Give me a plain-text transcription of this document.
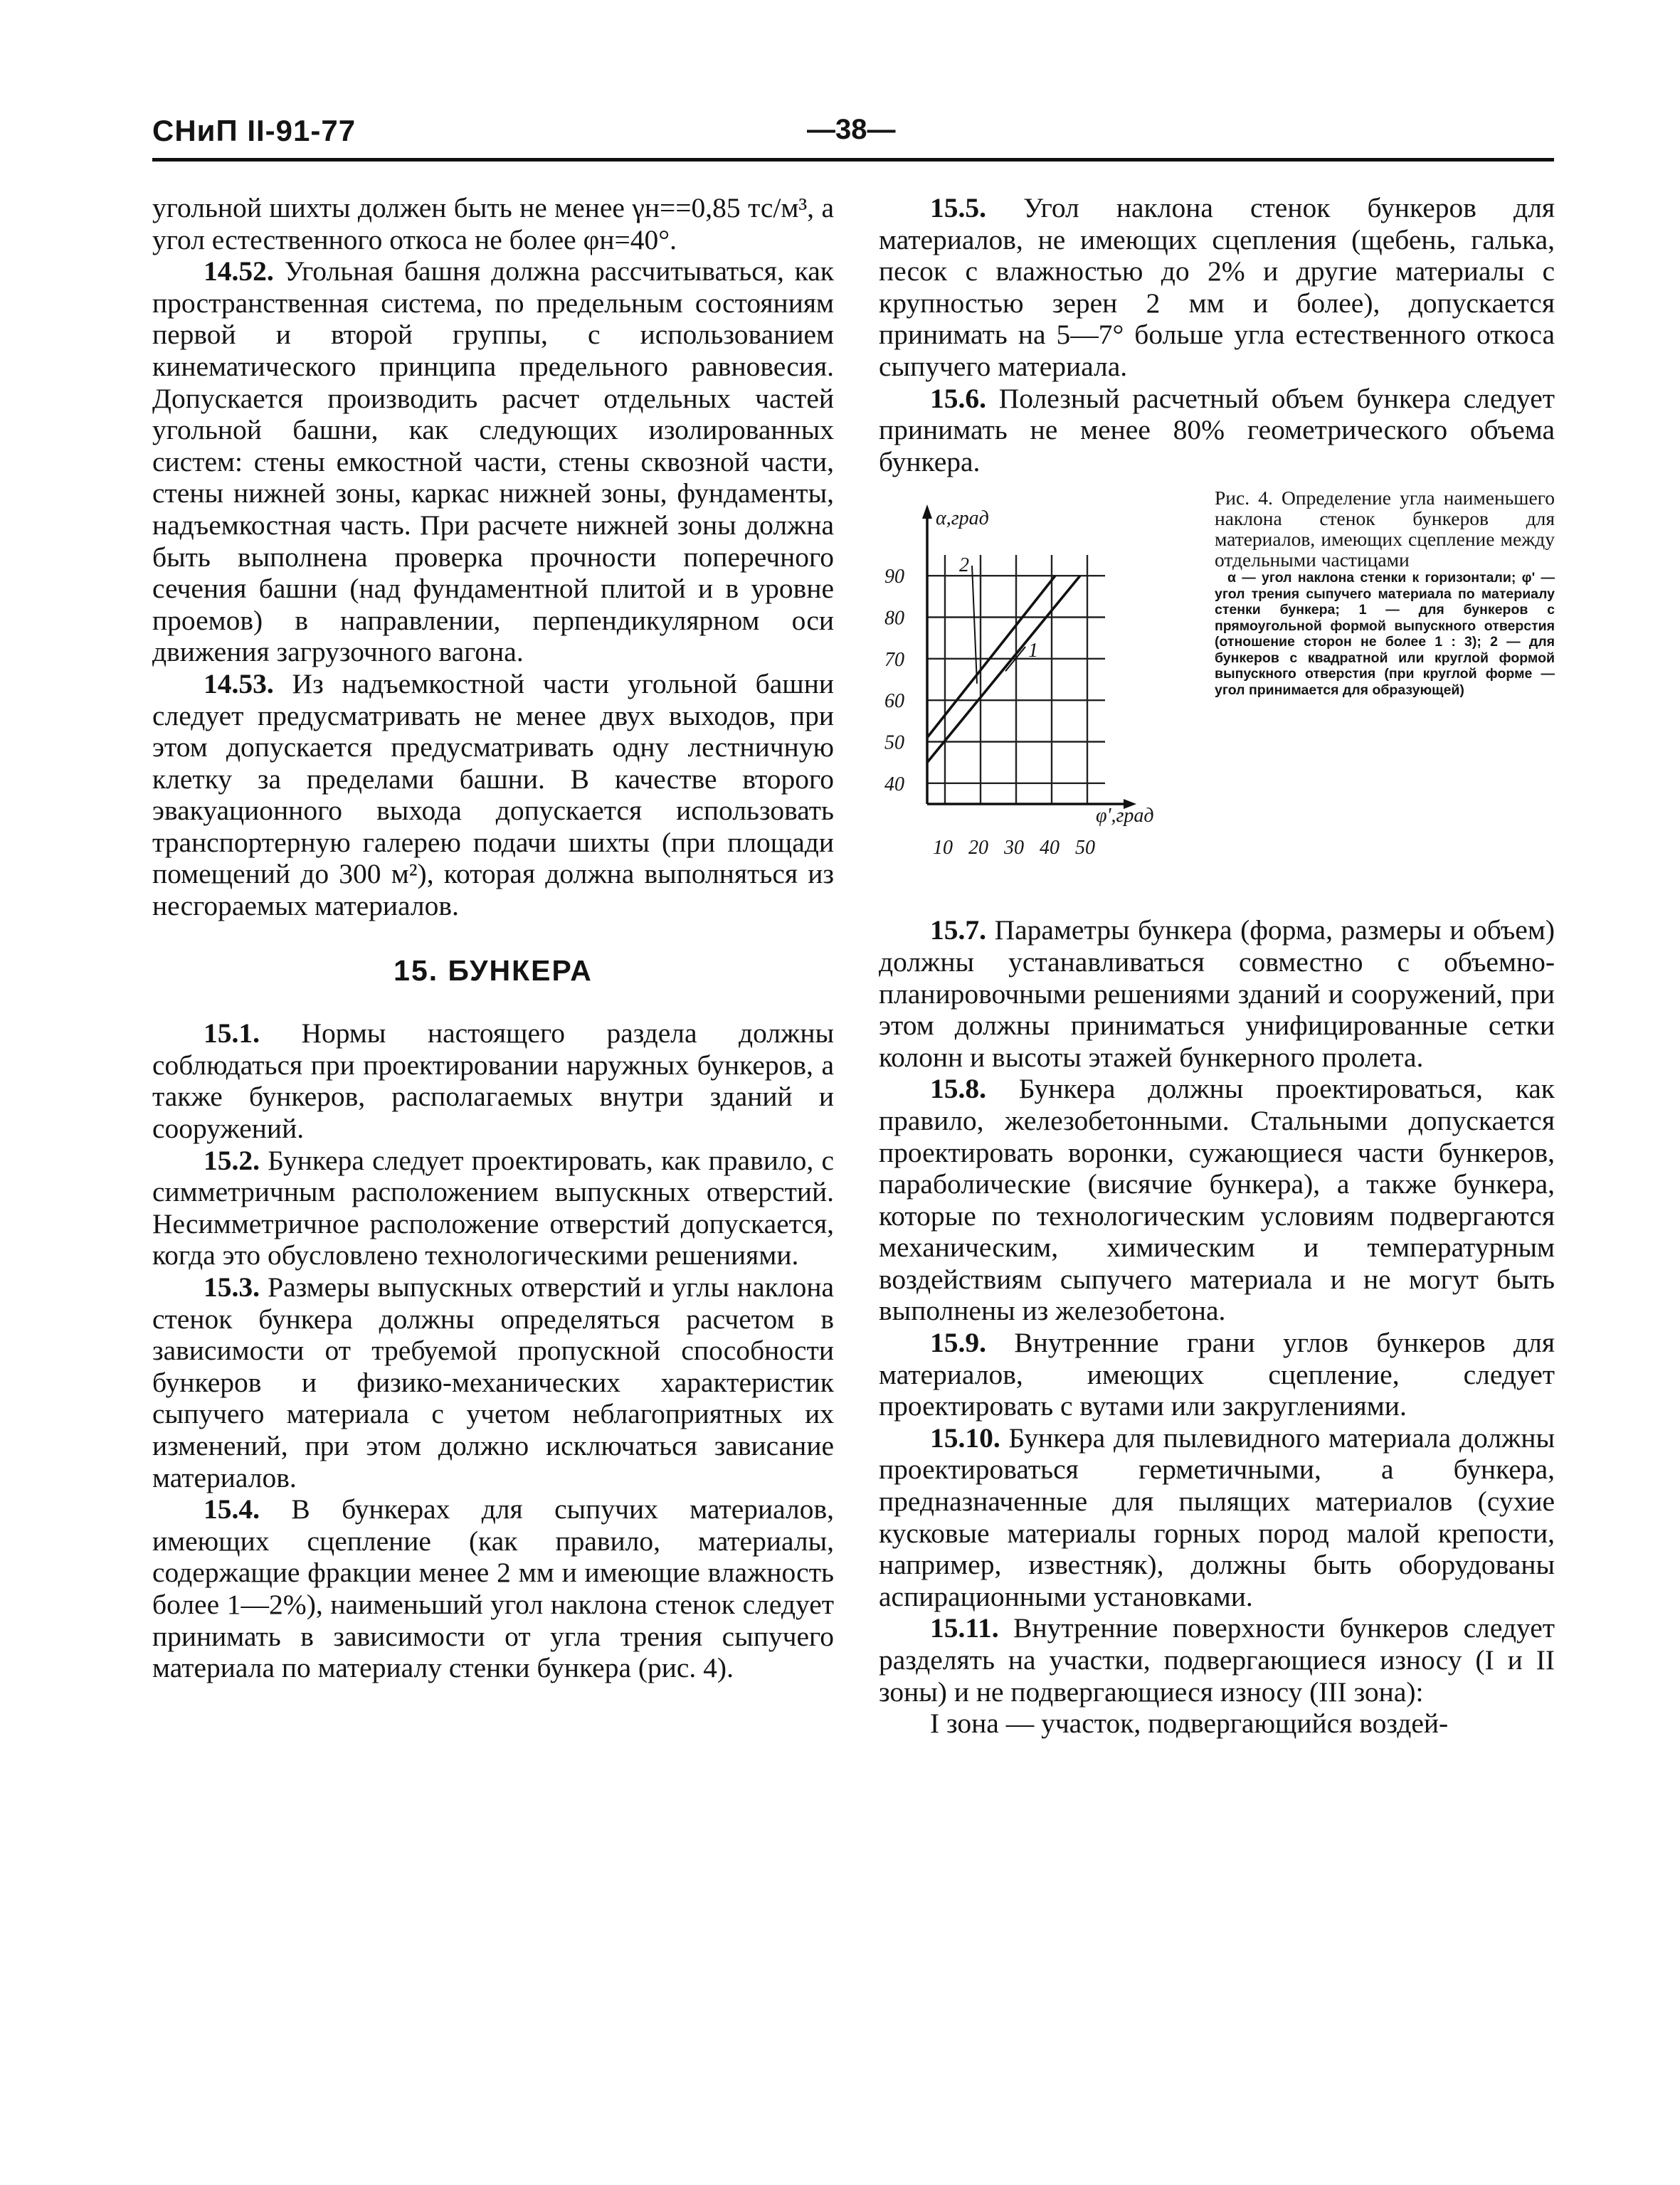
СНиП II-91-77	—38—

угольной шихты должен быть не менее γн==0,85 тс/м³, а угол естественного откоса не более φн=40°.

14.52. Угольная башня должна рассчитываться, как пространственная система, по предельным состояниям первой и второй группы, с использованием кинематического принципа предельного равновесия. Допускается производить расчет отдельных частей угольной башни, как следующих изолированных систем: стены емкостной части, стены сквозной части, стены нижней зоны, каркас нижней зоны, фундаменты, надъемкостная часть. При расчете нижней зоны должна быть выполнена проверка прочности поперечного сечения башни (над фундаментной плитой и в уровне проемов) в направлении, перпендикулярном оси движения загрузочного вагона.

14.53. Из надъемкостной части угольной башни следует предусматривать не менее двух выходов, при этом допускается предусматривать одну лестничную клетку за пределами башни. В качестве второго эвакуационного выхода допускается использовать транспортерную галерею подачи шихты (при площади помещений до 300 м²), которая должна выполняться из несгораемых материалов.

15. БУНКЕРА

15.1. Нормы настоящего раздела должны соблюдаться при проектировании наружных бункеров, а также бункеров, располагаемых внутри зданий и сооружений.

15.2. Бункера следует проектировать, как правило, с симметричным расположением выпускных отверстий. Несимметричное расположение отверстий допускается, когда это обусловлено технологическими решениями.

15.3. Размеры выпускных отверстий и углы наклона стенок бункера должны определяться расчетом в зависимости от требуемой пропускной способности бункеров и физико-механических характеристик сыпучего материала с учетом неблагоприятных их изменений, при этом должно исключаться зависание материалов.

15.4. В бункерах для сыпучих материалов, имеющих сцепление (как правило, материалы, содержащие фракции менее 2 мм и имеющие влажность более 1—2%), наименьший угол наклона стенок следует принимать в зависимости от угла трения сыпучего материала по материалу стенки бункера (рис. 4).

15.5. Угол наклона стенок бункеров для материалов, не имеющих сцепления (щебень, галька, песок с влажностью до 2% и другие материалы с крупностью зерен 2 мм и более), допускается принимать на 5—7° больше угла естественного откоса сыпучего материала.

15.6. Полезный расчетный объем бункера следует принимать не менее 80% геометрического объема бункера.

40
50
60
70
80
90
10 20 30 40 50
2
1
α,град
φ',град

Рис. 4. Определение угла наименьшего наклона стенок бункеров для материалов, имеющих сцепление между отдельными частицами

α — угол наклона стенки к горизонтали; φ' — угол трения сыпучего материала по материалу стенки бункера; 1 — для бункеров с прямоугольной формой выпускного отверстия (отношение сторон не более 1 : 3); 2 — для бункеров с квадратной или круглой формой выпускного отверстия (при круглой форме — угол принимается для образующей)

15.7. Параметры бункера (форма, размеры и объем) должны устанавливаться совместно с объемно-планировочными решениями зданий и сооружений, при этом должны приниматься унифицированные сетки колонн и высоты этажей бункерного пролета.

15.8. Бункера должны проектироваться, как правило, железобетонными. Стальными допускается проектировать воронки, сужающиеся части бункеров, параболические (висячие бункера), а также бункера, которые по технологическим условиям подвергаются механическим, химическим и температурным воздействиям сыпучего материала и не могут быть выполнены из железобетона.

15.9. Внутренние грани углов бункеров для материалов, имеющих сцепление, следует проектировать с вутами или закруглениями.

15.10. Бункера для пылевидного материала должны проектироваться герметичными, а бункера, предназначенные для пылящих материалов (сухие кусковые материалы горных пород малой крепости, например, известняк), должны быть оборудованы аспирационными установками.

15.11. Внутренние поверхности бункеров следует разделять на участки, подвергающиеся износу (I и II зоны) и не подвергающиеся износу (III зона):

I зона — участок, подвергающийся воздей-
